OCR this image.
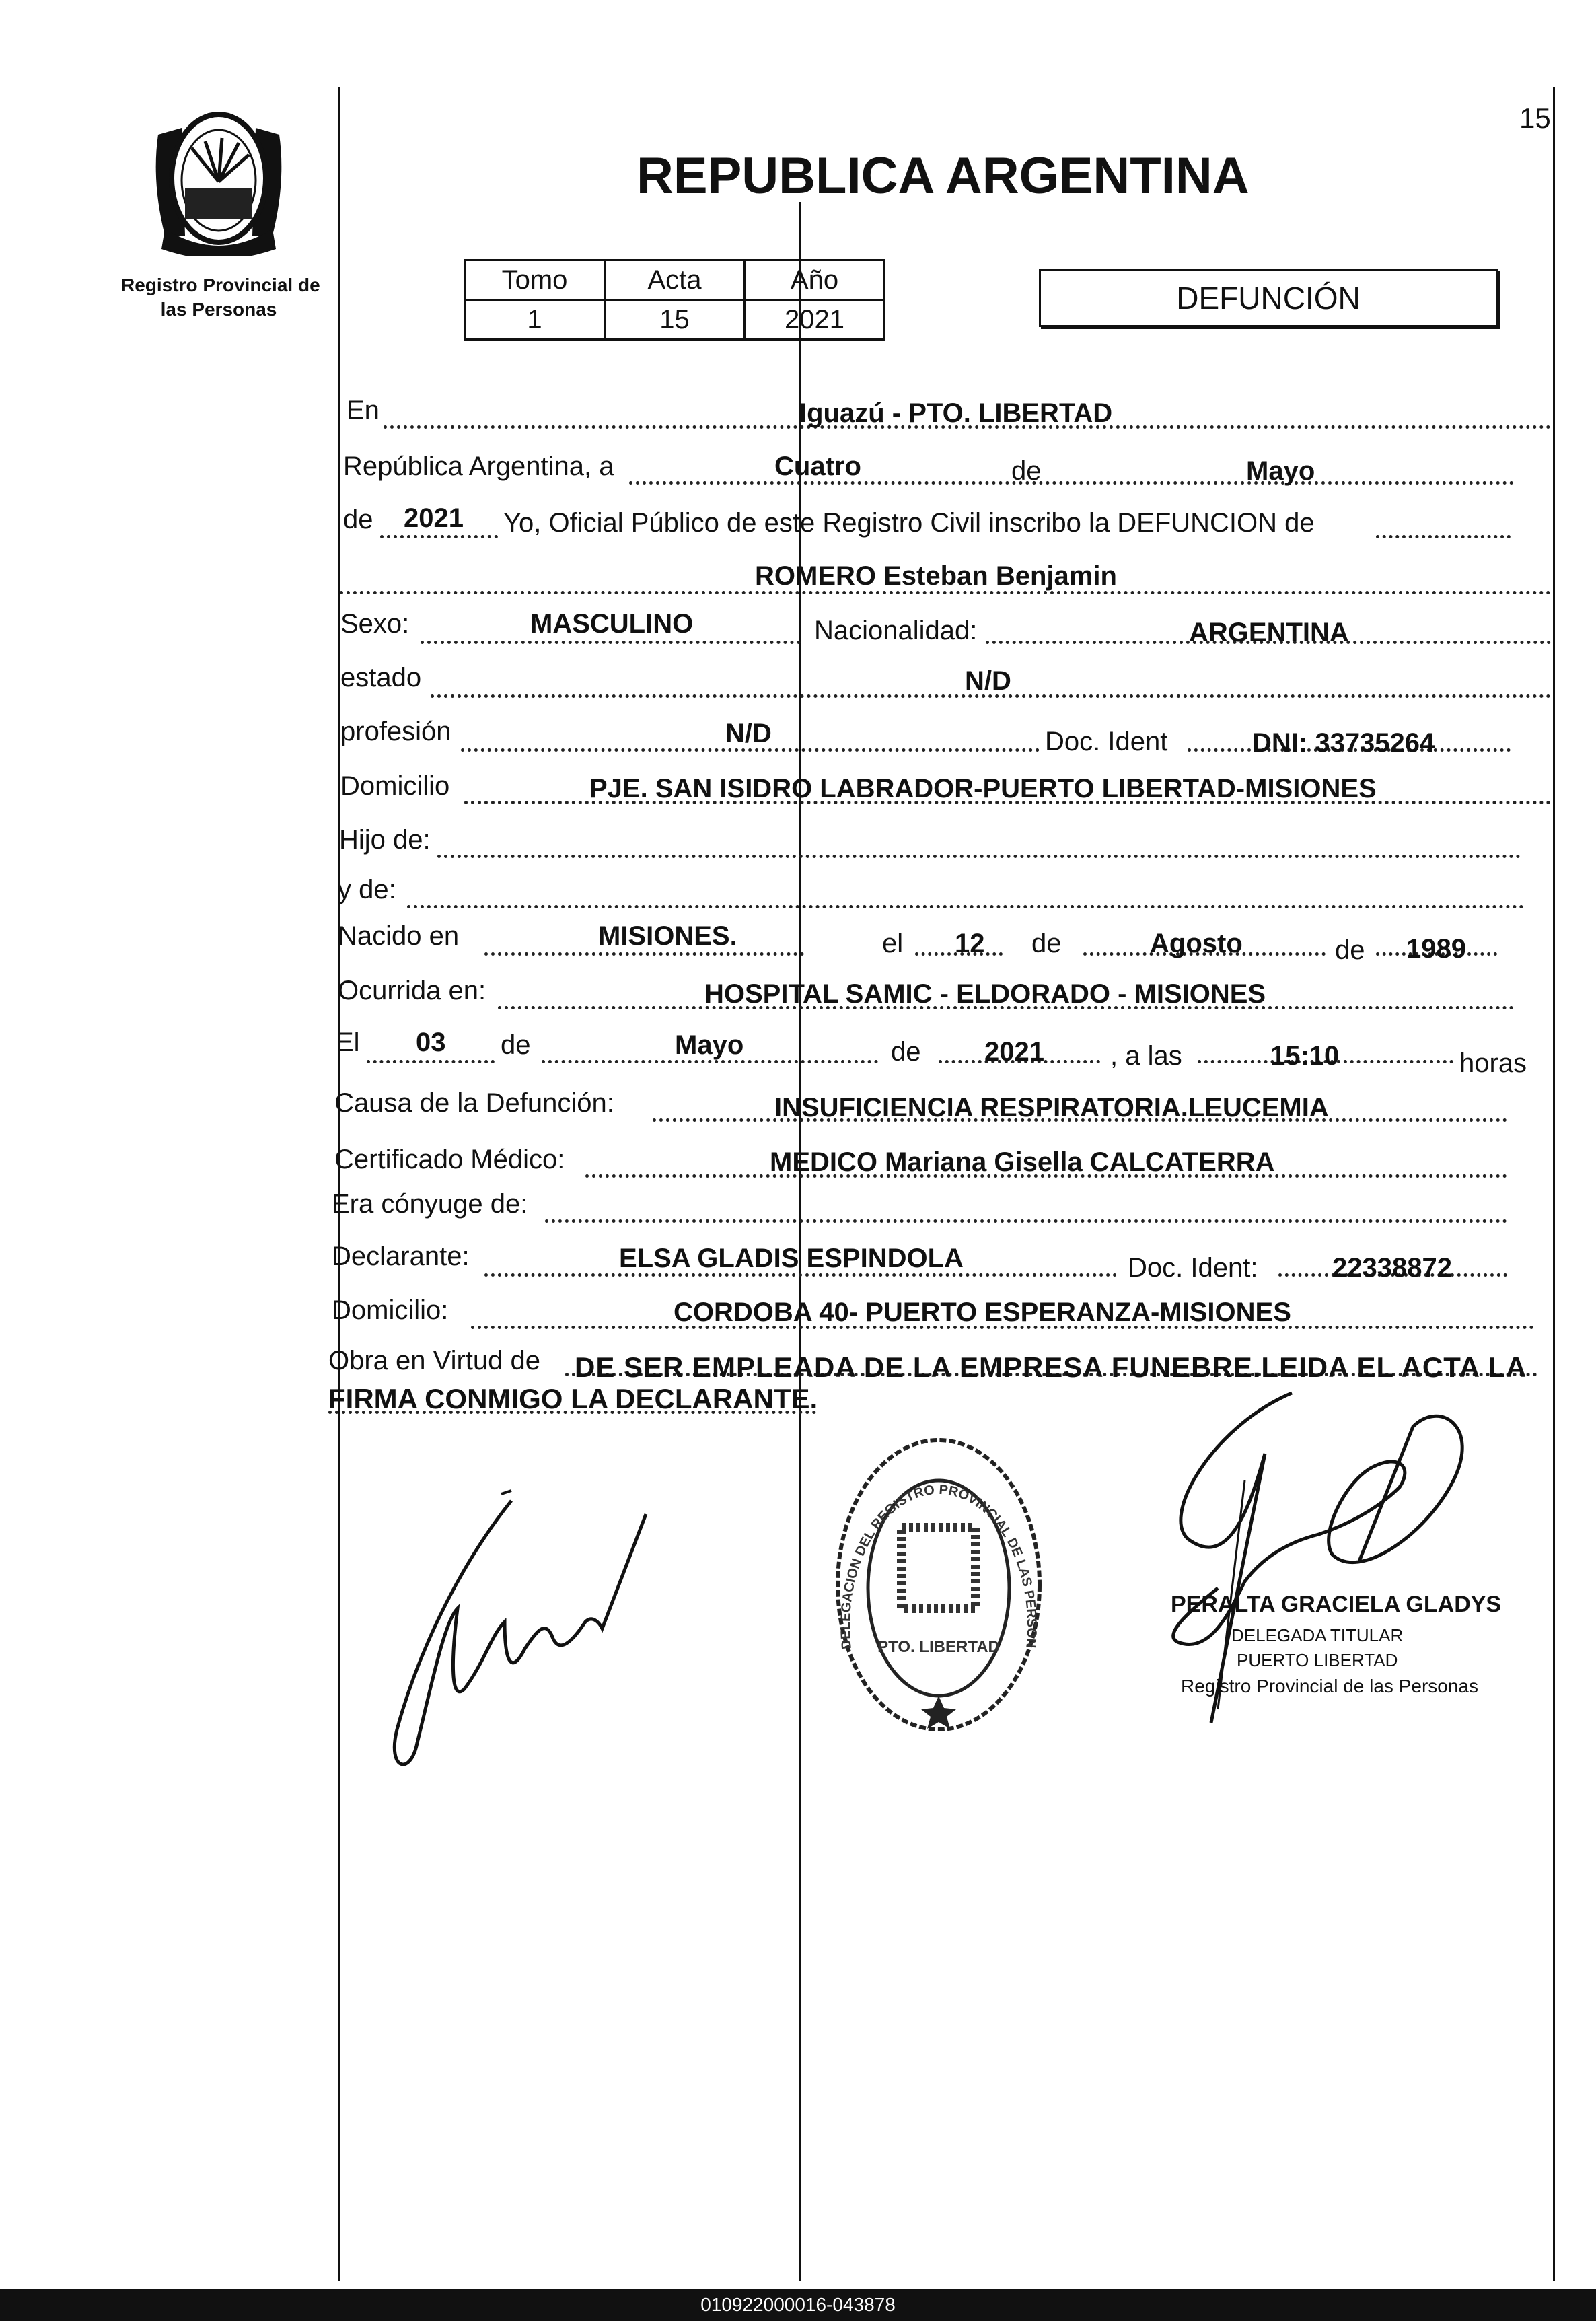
15
Registro Provincial de
las Personas
REPUBLICA ARGENTINA
Tomo	Acta	Año
1	15	2021
DEFUNCIÓN
En	Iguazú - PTO. LIBERTAD
República Argentina, a	Cuatro	de	Mayo
de 2021 Yo, Oficial Público de este Registro Civil inscribo la DEFUNCION de
ROMERO Esteban Benjamin
Sexo:	MASCULINO	Nacionalidad:	ARGENTINA
estado	N/D
profesión	N/D	Doc. Ident	DNI: 33735264
Domicilio	PJE. SAN ISIDRO LABRADOR-PUERTO LIBERTAD-MISIONES
Hijo de:
y de:
Nacido en	MISIONES.	el 12 de	Agosto	de 1989
Ocurrida en:	HOSPITAL SAMIC - ELDORADO - MISIONES
El 03 de	Mayo	de 2021 , a las	15:10	horas
Causa de la Defunción:	INSUFICIENCIA RESPIRATORIA.LEUCEMIA
Certificado Médico:	MEDICO Mariana Gisella CALCATERRA
Era cónyuge de:
Declarante:	ELSA GLADIS ESPINDOLA	Doc. Ident:	22338872
Domicilio:	CORDOBA 40- PUERTO ESPERANZA-MISIONES
Obra en Virtud de DE SER EMPLEADA DE LA EMPRESA FUNEBRE.LEIDA EL ACTA LA
FIRMA CONMIGO LA DECLARANTE.
DELEGACION DEL REGISTRO PROVINCIAL DE LAS PERSON
PTO. LIBERTAD
PERALTA GRACIELA GLADYS
DELEGADA TITULAR
PUERTO LIBERTAD
Registro Provincial de las Personas
010922000016-043878
